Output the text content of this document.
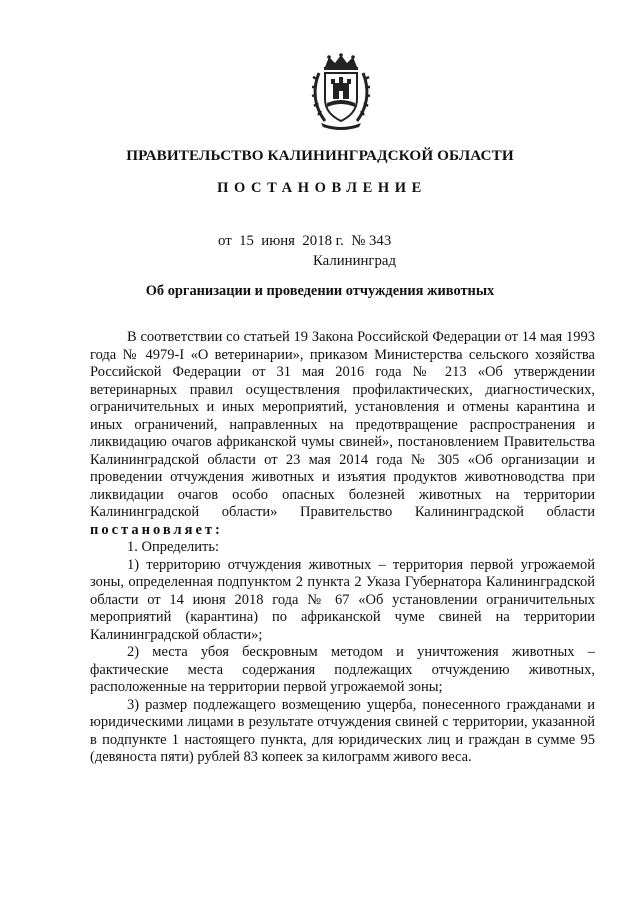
ПРАВИТЕЛЬСТВО КАЛИНИНГРАДСКОЙ ОБЛАСТИ
ПОСТАНОВЛЕНИЕ
от 15 июня 2018 г. № 343
Калининград
Об организации и проведении отчуждения животных

В соответствии со статьей 19 Закона Российской Федерации от 14 мая 1993 года № 4979-I «О ветеринарии», приказом Министерства сельского хозяйства Российской Федерации от 31 мая 2016 года № 213 «Об утверждении ветеринарных правил осуществления профилактических, диагностических, ограничительных и иных мероприятий, установления и отмены карантина и иных ограничений, направленных на предотвращение распространения и ликвидацию очагов африканской чумы свиней», постановлением Правительства Калининградской области от 23 мая 2014 года № 305 «Об организации и проведении отчуждения животных и изъятия продуктов животноводства при ликвидации очагов особо опасных болезней животных на территории Калининградской области» Правительство Калининградской области постановляет:

1. Определить:

1) территорию отчуждения животных – территория первой угрожаемой зоны, определенная подпунктом 2 пункта 2 Указа Губернатора Калининградской области от 14 июня 2018 года № 67 «Об установлении ограничительных мероприятий (карантина) по африканской чуме свиней на территории Калининградской области»;

2) места убоя бескровным методом и уничтожения животных – фактические места содержания подлежащих отчуждению животных, расположенные на территории первой угрожаемой зоны;

3) размер подлежащего возмещению ущерба, понесенного гражданами и юридическими лицами в результате отчуждения свиней с территории, указанной в подпункте 1 настоящего пункта, для юридических лиц и граждан в сумме 95 (девяноста пяти) рублей 83 копеек за килограмм живого веса.
